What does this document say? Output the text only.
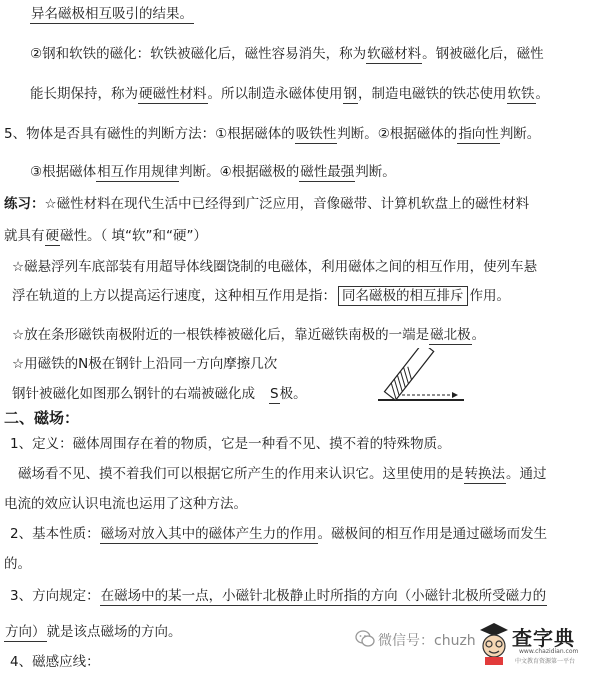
异名磁极相互吸引的结果。
②钢和软铁的磁化：软铁被磁化后，磁性容易消失，称为软磁材料。钢被磁化后，磁性
能长期保持，称为硬磁性材料。所以制造永磁体使用钢，制造电磁铁的铁芯使用软铁。
5、物体是否具有磁性的判断方法：①根据磁体的吸铁性判断。②根据磁体的指向性判断。
③根据磁体相互作用规律判断。④根据磁极的磁性最强判断。
练习：☆磁性材料在现代生活中已经得到广泛应用，音像磁带、计算机软盘上的磁性材料
就具有硬磁性。（ 填“软”和“硬”）
☆磁悬浮列车底部装有用超导体线圈饶制的电磁体，利用磁体之间的相互作用，使列车悬
浮在轨道的上方以提高运行速度，这种相互作用是指： 同名磁极的相互排斥 作用。
☆放在条形磁铁南极附近的一根铁棒被磁化后，靠近磁铁南极的一端是磁北极。
☆用磁铁的N极在钢针上沿同一方向摩擦几次
钢针被磁化如图那么钢针的右端被磁化成 S极。
二、磁场：
1、定义：磁体周围存在着的物质，它是一种看不见、摸不着的特殊物质。
磁场看不见、摸不着我们可以根据它所产生的作用来认识它。这里使用的是转换法。通过
电流的效应认识电流也运用了这种方法。
2、基本性质：磁场对放入其中的磁体产生力的作用。磁极间的相互作用是通过磁场而发生
的。
3、方向规定：在磁场中的某一点，小磁针北极静止时所指的方向（小磁针北极所受磁力的
方向）就是该点磁场的方向。
4、磁感应线：
微信号：chuzh 查字典
www.chazidian.com
中文教育资源第一平台
